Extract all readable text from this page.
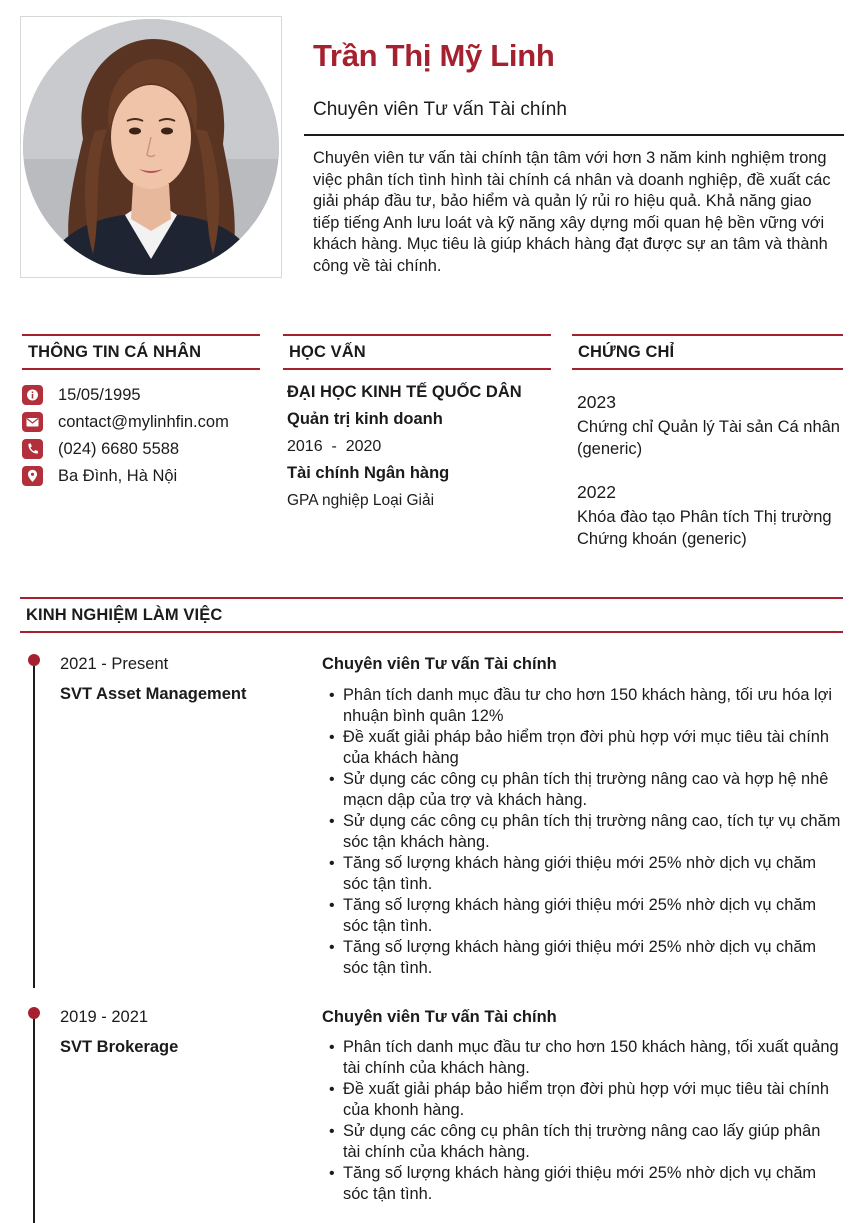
Trần Thị Mỹ Linh
Chuyên viên Tư vấn Tài chính
Chuyên viên tư vấn tài chính tận tâm với hơn 3 năm kinh nghiệm trong việc phân tích tình hình tài chính cá nhân và doanh nghiệp, đề xuất các giải pháp đầu tư, bảo hiểm và quản lý rủi ro hiệu quả. Khả năng giao tiếp tiếng Anh lưu loát và kỹ năng xây dựng mối quan hệ bền vững với khách hàng. Mục tiêu là giúp khách hàng đạt được sự an tâm và thành công về tài chính.
THÔNG TIN CÁ NHÂN	HỌC VẤN	CHỨNG CHỈ
15/05/1995
contact@mylinhfin.com
(024) 6680 5588
Ba Đình, Hà Nội
ĐẠI HỌC KINH TẾ QUỐC DÂN
Quản trị kinh doanh
2016  -  2020
Tài chính Ngân hàng
GPA nghiệp Loại Giải
2023
Chứng chỉ Quản lý Tài sản Cá nhân (generic)
2022
Khóa đào tạo Phân tích Thị trường Chứng khoán (generic)
KINH NGHIỆM LÀM VIỆC
2021 - Present
SVT Asset Management
Chuyên viên Tư vấn Tài chính
• Phân tích danh mục đầu tư cho hơn 150 khách hàng, tối ưu hóa lợi nhuận bình quân 12%
• Đề xuất giải pháp bảo hiểm trọn đời phù hợp với mục tiêu tài chính của khách hàng
• Sử dụng các công cụ phân tích thị trường nâng cao và hợp hệ nhê mạcn dập của trợ và khách hàng.
• Sử dụng các công cụ phân tích thị trường nâng cao, tích tự vụ chăm sóc tận khách hàng.
• Tăng số lượng khách hàng giới thiệu mới 25% nhờ dịch vụ chăm sóc tận tình.
• Tăng số lượng khách hàng giới thiệu mới 25% nhờ dịch vụ chăm sóc tận tình.
• Tăng số lượng khách hàng giới thiệu mới 25% nhờ dịch vụ chăm sóc tận tình.
2019 - 2021
SVT Brokerage
Chuyên viên Tư vấn Tài chính
• Phân tích danh mục đầu tư cho hơn 150 khách hàng, tối xuất quảng tài chính của khách hàng.
• Đề xuất giải pháp bảo hiểm trọn đời phù hợp với mục tiêu tài chính của khonh hàng.
• Sử dụng các công cụ phân tích thị trường nâng cao lấy giúp phân tài chính của khách hàng.
• Tăng số lượng khách hàng giới thiệu mới 25% nhờ dịch vụ chăm sóc tận tình.
